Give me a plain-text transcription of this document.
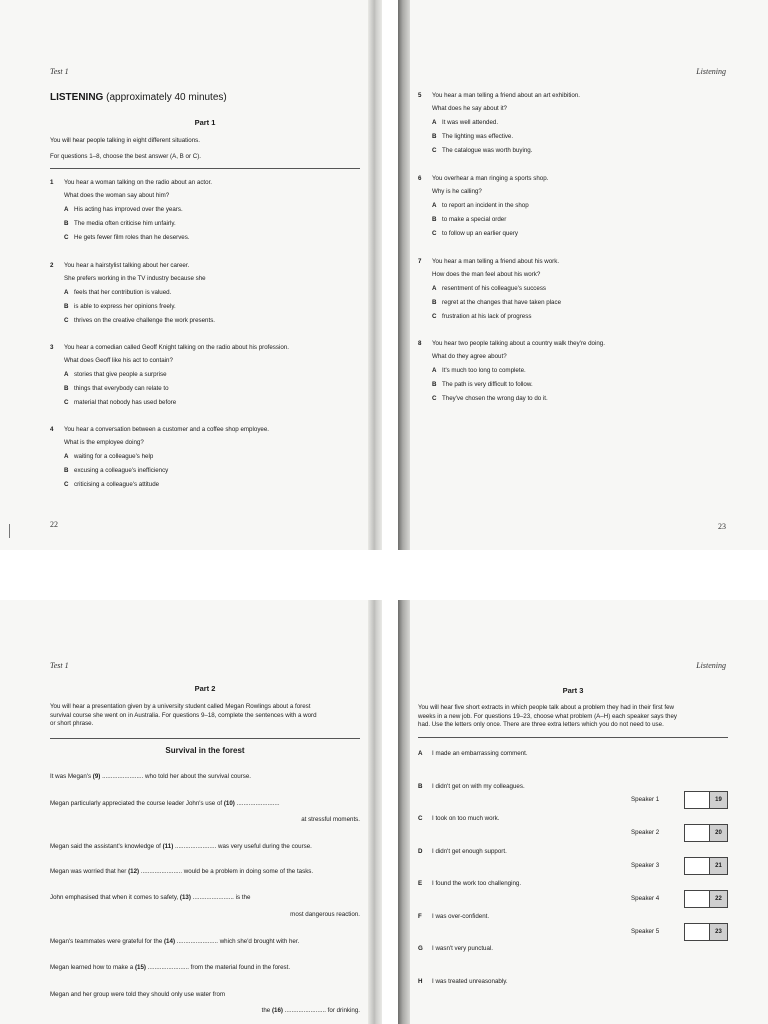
Test 1
LISTENING (approximately 40 minutes)
Part 1
You will hear people talking in eight different situations.
For questions 1–8, choose the best answer (A, B or C).
1 You hear a woman talking on the radio about an actor.
What does the woman say about him?
A His acting has improved over the years.
B The media often criticise him unfairly.
C He gets fewer film roles than he deserves.
2 You hear a hairstylist talking about her career.
She prefers working in the TV industry because she
A feels that her contribution is valued.
B is able to express her opinions freely.
C thrives on the creative challenge the work presents.
3 You hear a comedian called Geoff Knight talking on the radio about his profession.
What does Geoff like his act to contain?
A stories that give people a surprise
B things that everybody can relate to
C material that nobody has used before
4 You hear a conversation between a customer and a coffee shop employee.
What is the employee doing?
A waiting for a colleague's help
B excusing a colleague's inefficiency
C criticising a colleague's attitude
22
Listening
5 You hear a man telling a friend about an art exhibition.
What does he say about it?
A It was well attended.
B The lighting was effective.
C The catalogue was worth buying.
6 You overhear a man ringing a sports shop.
Why is he calling?
A to report an incident in the shop
B to make a special order
C to follow up an earlier query
7 You hear a man telling a friend about his work.
How does the man feel about his work?
A resentment of his colleague's success
B regret at the changes that have taken place
C frustration at his lack of progress
8 You hear two people talking about a country walk they're doing.
What do they agree about?
A It's much too long to complete.
B The path is very difficult to follow.
C They've chosen the wrong day to do it.
23
Test 1
Part 2
You will hear a presentation given by a university student called Megan Rowlings about a forest
survival course she went on in Australia. For questions 9–18, complete the sentences with a word
or short phrase.
Survival in the forest
It was Megan's (9) ........................ who told her about the survival course.
Megan particularly appreciated the course leader John's use of (10) .........................
at stressful moments.
Megan said the assistant's knowledge of (11) ........................ was very useful during the course.
Megan was worried that her (12) ........................ would be a problem in doing some of the tasks.
John emphasised that when it comes to safety, (13) ........................ is the
most dangerous reaction.
Megan's teammates were grateful for the (14) ........................ which she'd brought with her.
Megan learned how to make a (15) ........................ from the material found in the forest.
Megan and her group were told they should only use water from
the (16) ........................ for drinking.
Listening
Part 3
You will hear five short extracts in which people talk about a problem they had in their first few
weeks in a new job. For questions 19–23, choose what problem (A–H) each speaker says they
had. Use the letters only once. There are three extra letters which you do not need to use.
A I made an embarrassing comment.
B I didn't get on with my colleagues.
C I took on too much work.
D I didn't get enough support.
E I found the work too challenging.
F I was over-confident.
G I wasn't very punctual.
H I was treated unreasonably.
Speaker 1	19
Speaker 2	20
Speaker 3	21
Speaker 4	22
Speaker 5	23
